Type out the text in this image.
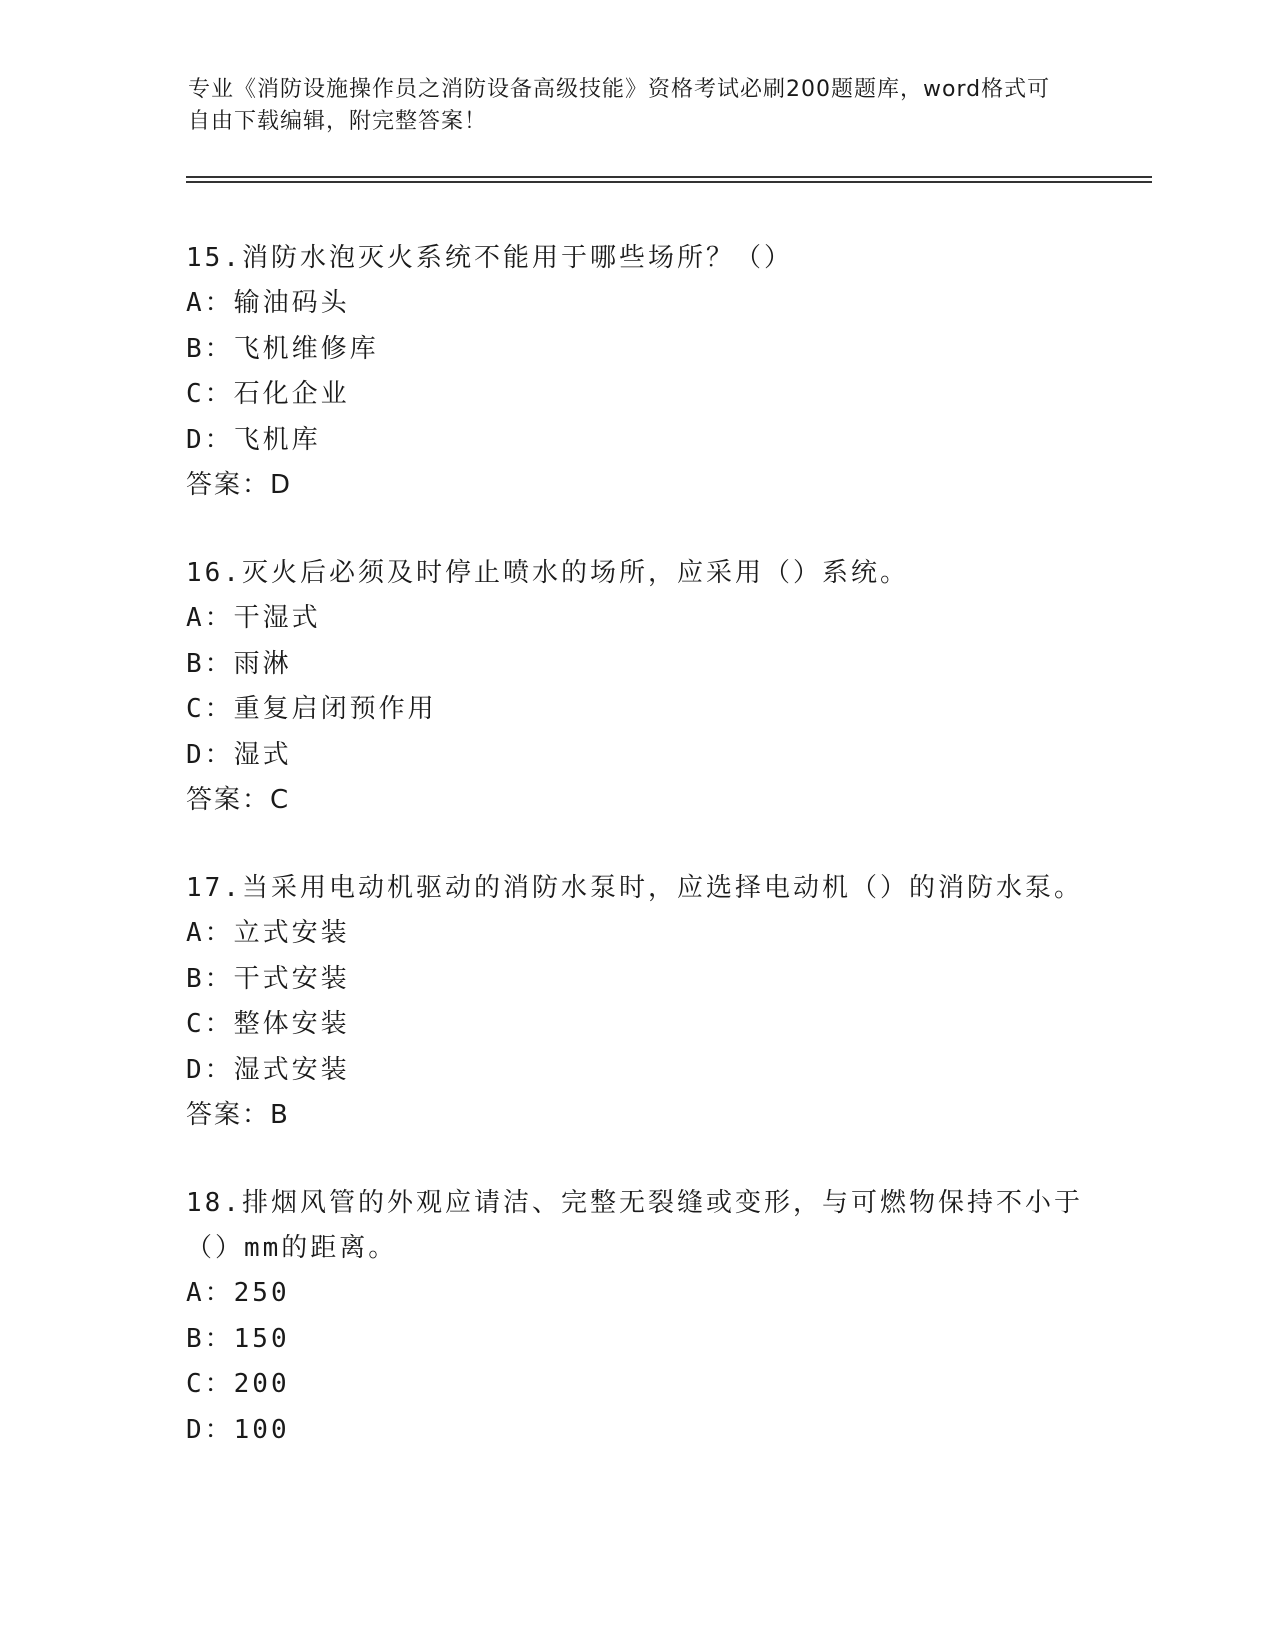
专业《消防设施操作员之消防设备高级技能》资格考试必刷200题题库，word格式可自由下载编辑，附完整答案！
15.消防水泡灭火系统不能用于哪些场所？（）
A：输油码头
B：飞机维修库
C：石化企业
D：飞机库
答案：D
16.灭火后必须及时停止喷水的场所，应采用（）系统。
A：干湿式
B：雨淋
C：重复启闭预作用
D：湿式
答案：C
17.当采用电动机驱动的消防水泵时，应选择电动机（）的消防水泵。
A：立式安装
B：干式安装
C：整体安装
D：湿式安装
答案：B
18.排烟风管的外观应请洁、完整无裂缝或变形，与可燃物保持不小于（）mm的距离。
A：250
B：150
C：200
D：100
